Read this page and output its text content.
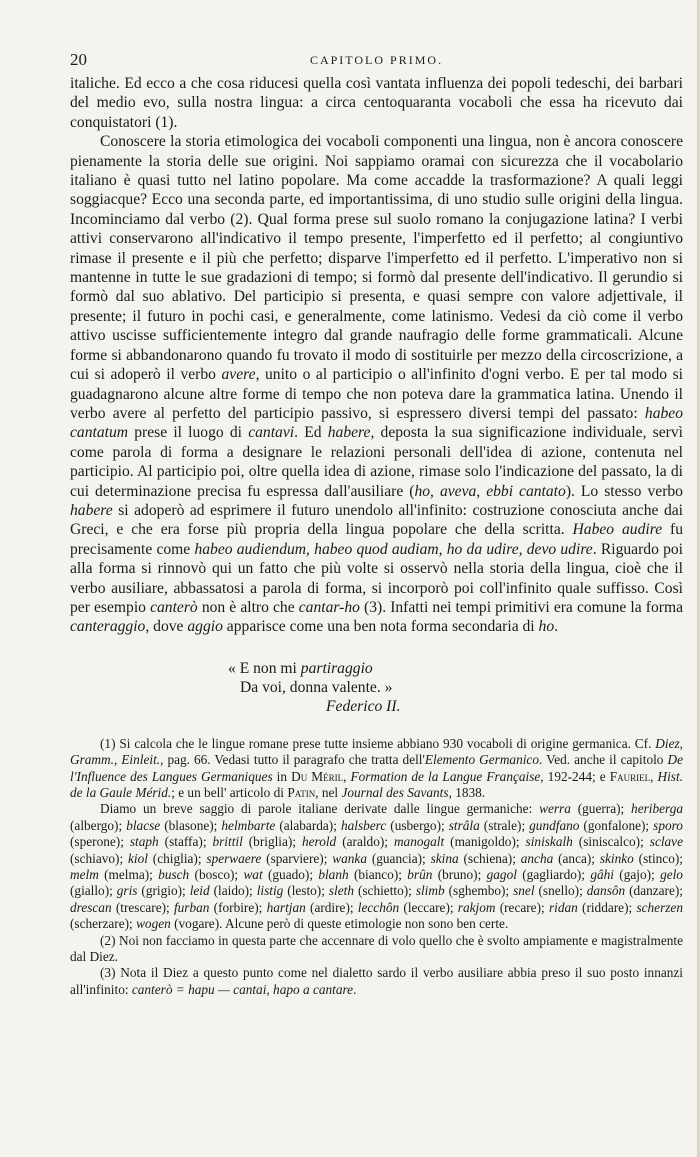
20	CAPITOLO PRIMO.

italiche. Ed ecco a che cosa riducesi quella così vantata influenza dei popoli tedeschi, dei barbari del medio evo, sulla nostra lingua: a circa centoquaranta vocaboli che essa ha ricevuto dai conquistatori (1).

Conoscere la storia etimologica dei vocaboli componenti una lingua, non è ancora conoscere pienamente la storia delle sue origini. Noi sappiamo oramai con sicurezza che il vocabolario italiano è quasi tutto nel latino popolare. Ma come accadde la trasformazione? A quali leggi soggiacque? Ecco una seconda parte, ed importantissima, di uno studio sulle origini della lingua. Incominciamo dal verbo (2). Qual forma prese sul suolo romano la conjugazione latina? I verbi attivi conservarono all'indicativo il tempo presente, l'imperfetto ed il perfetto; al congiuntivo rimase il presente e il più che perfetto; disparve l'imperfetto ed il perfetto. L'imperativo non si mantenne in tutte le sue gradazioni di tempo; si formò dal presente dell'indicativo. Il gerundio si formò dal suo ablativo. Del participio si presenta, e quasi sempre con valore adjettivale, il presente; il futuro in pochi casi, e generalmente, come latinismo. Vedesi da ciò come il verbo attivo uscisse sufficientemente integro dal grande naufragio delle forme grammaticali. Alcune forme si abbandonarono quando fu trovato il modo di sostituirle per mezzo della circoscrizione, a cui si adoperò il verbo avere, unito o al participio o all'infinito d'ogni verbo. E per tal modo si guadagnarono alcune altre forme di tempo che non poteva dare la grammatica latina. Unendo il verbo avere al perfetto del participio passivo, si espressero diversi tempi del passato: habeo cantatum prese il luogo di cantavi. Ed habere, deposta la sua significazione individuale, servì come parola di forma a designare le relazioni personali dell'idea di azione, contenuta nel participio. Al participio poi, oltre quella idea di azione, rimase solo l'indicazione del passato, la di cui determinazione precisa fu espressa dall'ausiliare (ho, aveva, ebbi cantato). Lo stesso verbo habere si adoperò ad esprimere il futuro unendolo all'infinito: costruzione conosciuta anche dai Greci, e che era forse più propria della lingua popolare che della scritta. Habeo audire fu precisamente come habeo audiendum, habeo quod audiam, ho da udire, devo udire. Riguardo poi alla forma si rinnovò qui un fatto che più volte si osservò nella storia della lingua, cioè che il verbo ausiliare, abbassatosi a parola di forma, si incorporò poi coll'infinito quale suffisso. Così per esempio canterò non è altro che cantar-ho (3). Infatti nei tempi primitivi era comune la forma canteraggio, dove aggio apparisce come una ben nota forma secondaria di ho.

« E non mi partiraggio
Da voi, donna valente. »
Federico II.

(1) Si calcola che le lingue romane prese tutte insieme abbiano 930 vocaboli di origine germanica. Cf. Diez, Gramm., Einleit., pag. 66. Vedasi tutto il paragrafo che tratta dell'Elemento Germanico. Ved. anche il capitolo De l'Influence des Langues Germaniques in Du Méril, Formation de la Langue Française, 192-244; e Fauriel, Hist. de la Gaule Mérid.; e un bell' articolo di Patin, nel Journal des Savants, 1838.

Diamo un breve saggio di parole italiane derivate dalle lingue germaniche: werra (guerra); heriberga (albergo); blacse (blasone); helmbarte (alabarda); halsberc (usbergo); strâla (strale); gundfano (gonfalone); sporo (sperone); staph (staffa); brittil (briglia); herold (araldo); manogalt (manigoldo); siniskalh (siniscalco); sclave (schiavo); kiol (chiglia); sperwaere (sparviere); wanka (guancia); skina (schiena); ancha (anca); skinko (stinco); melm (melma); busch (bosco); wat (guado); blanh (bianco); brûn (bruno); gagol (gagliardo); gâhi (gajo); gelo (giallo); gris (grigio); leid (laido); listig (lesto); sleth (schietto); slimb (sghembo); snel (snello); dansôn (danzare); drescan (trescare); furban (forbire); hartjan (ardire); lecchôn (leccare); rakjom (recare); ridan (riddare); scherzen (scherzare); wogen (vogare). Alcune però di queste etimologie non sono ben certe.

(2) Noi non facciamo in questa parte che accennare di volo quello che è svolto ampiamente e magistralmente dal Diez.

(3) Nota il Diez a questo punto come nel dialetto sardo il verbo ausiliare abbia preso il suo posto innanzi all'infinito: canterò = hapu — cantai, hapo a cantare.
